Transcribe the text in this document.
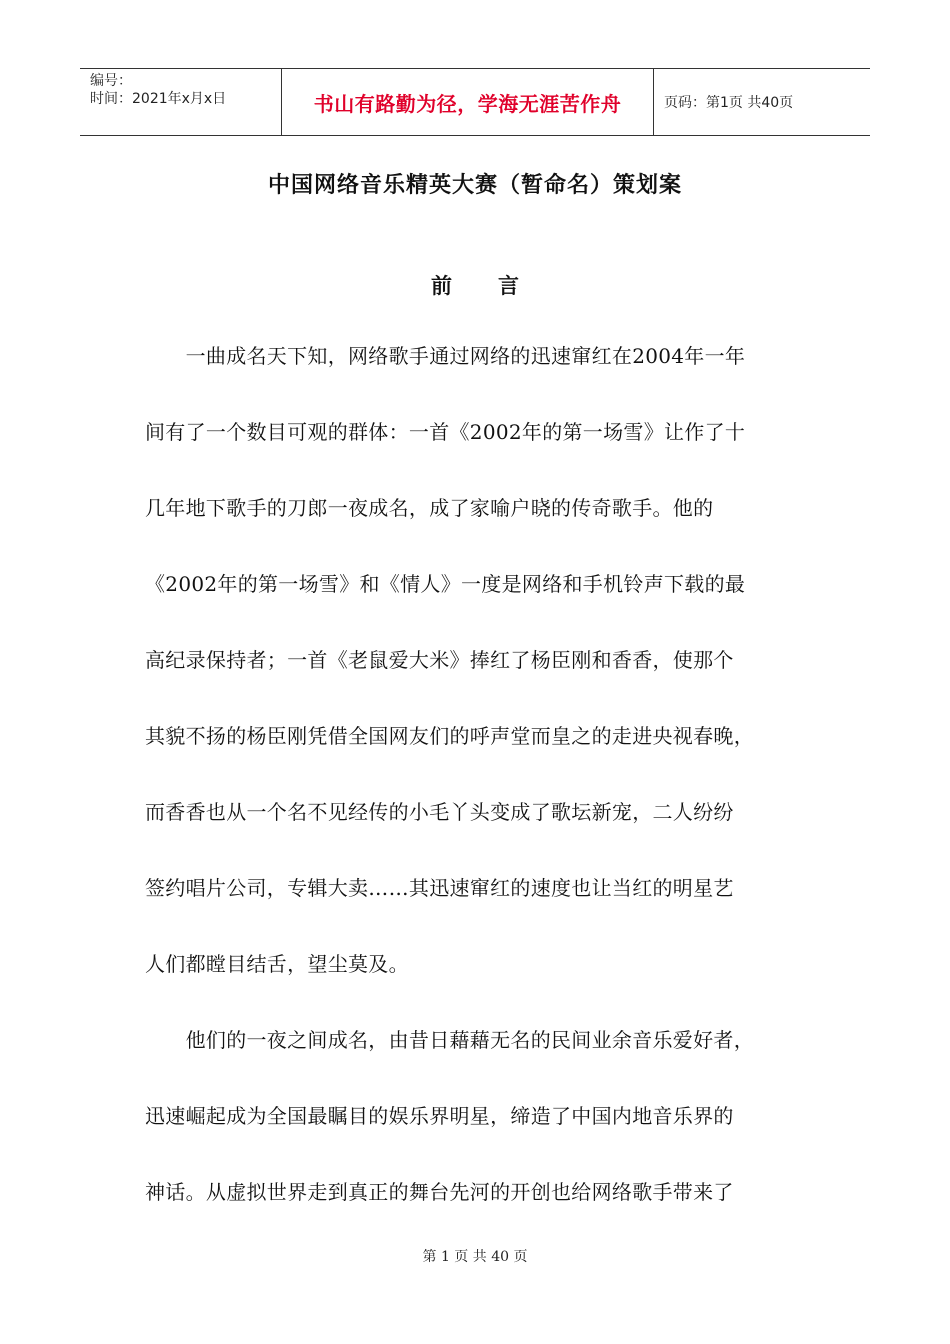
编号：
时间：2021年x月x日	书山有路勤为径，学海无涯苦作舟	页码：第1页 共40页
中国网络音乐精英大赛（暂命名）策划案
前 言
　　一曲成名天下知，网络歌手通过网络的迅速窜红在2004年一年
间有了一个数目可观的群体：一首《2002年的第一场雪》让作了十
几年地下歌手的刀郎一夜成名，成了家喻户晓的传奇歌手。他的
《2002年的第一场雪》和《情人》一度是网络和手机铃声下载的最
高纪录保持者；一首《老鼠爱大米》捧红了杨臣刚和香香，使那个
其貌不扬的杨臣刚凭借全国网友们的呼声堂而皇之的走进央视春晚，
而香香也从一个名不见经传的小毛丫头变成了歌坛新宠，二人纷纷
签约唱片公司，专辑大卖……其迅速窜红的速度也让当红的明星艺
人们都瞠目结舌，望尘莫及。
　　他们的一夜之间成名，由昔日藉藉无名的民间业余音乐爱好者，
迅速崛起成为全国最瞩目的娱乐界明星，缔造了中国内地音乐界的
神话。从虚拟世界走到真正的舞台先河的开创也给网络歌手带来了
第 1 页 共 40 页
